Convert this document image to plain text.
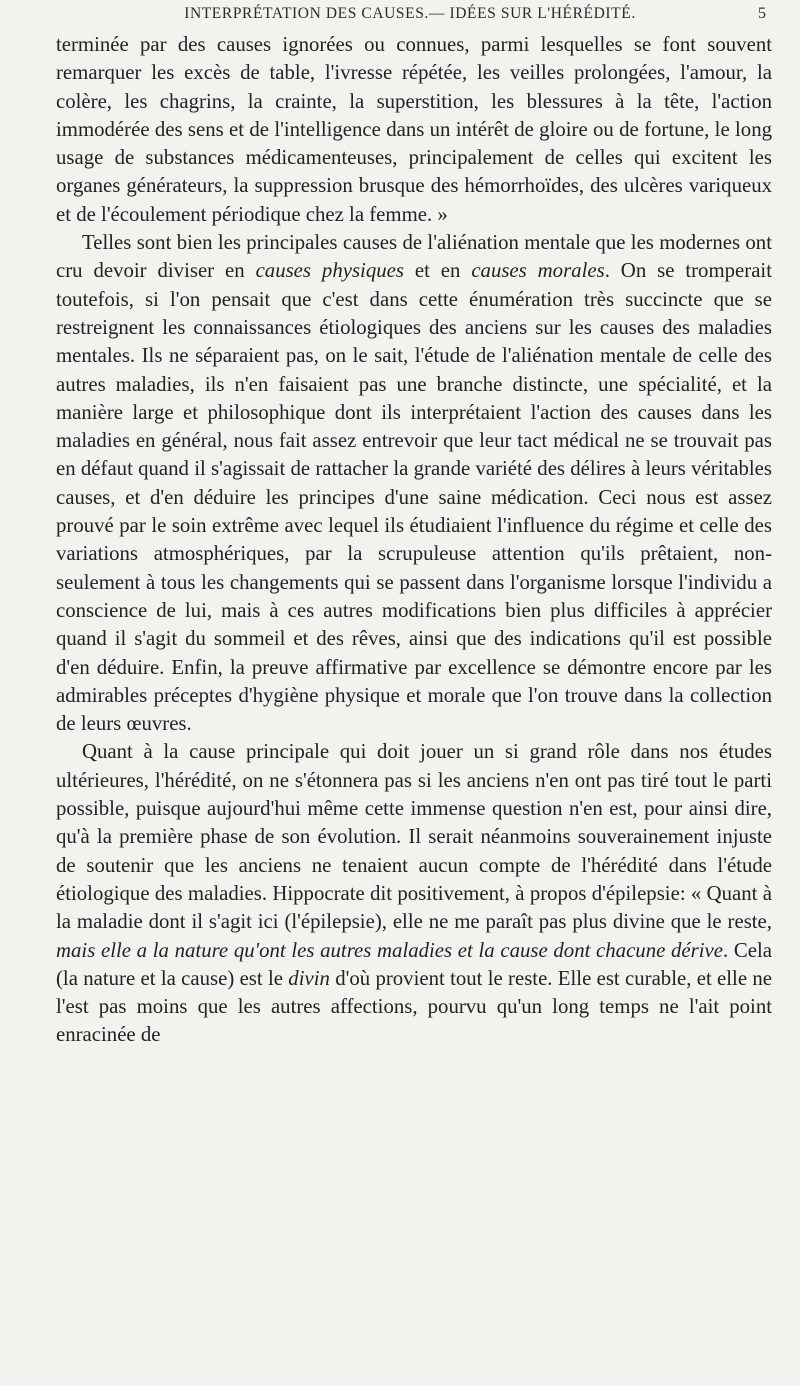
INTERPRÉTATION DES CAUSES.— IDÉES SUR L'HÉRÉDITÉ.	5

terminée par des causes ignorées ou connues, parmi lesquelles se font souvent remarquer les excès de table, l'ivresse répétée, les veilles prolongées, l'amour, la colère, les chagrins, la crainte, la superstition, les blessures à la tête, l'action immodérée des sens et de l'intelligence dans un intérêt de gloire ou de fortune, le long usage de substances médicamenteuses, principalement de celles qui excitent les organes générateurs, la suppression brusque des hémorrhoïdes, des ulcères variqueux et de l'écoulement périodique chez la femme. »

Telles sont bien les principales causes de l'aliénation mentale que les modernes ont cru devoir diviser en causes physiques et en causes morales. On se tromperait toutefois, si l'on pensait que c'est dans cette énumération très succincte que se restreignent les connaissances étiologiques des anciens sur les causes des maladies mentales. Ils ne séparaient pas, on le sait, l'étude de l'aliénation mentale de celle des autres maladies, ils n'en faisaient pas une branche distincte, une spécialité, et la manière large et philosophique dont ils interprétaient l'action des causes dans les maladies en général, nous fait assez entrevoir que leur tact médical ne se trouvait pas en défaut quand il s'agissait de rattacher la grande variété des délires à leurs véritables causes, et d'en déduire les principes d'une saine médication. Ceci nous est assez prouvé par le soin extrême avec lequel ils étudiaient l'influence du régime et celle des variations atmosphériques, par la scrupuleuse attention qu'ils prêtaient, non-seulement à tous les changements qui se passent dans l'organisme lorsque l'individu a conscience de lui, mais à ces autres modifications bien plus difficiles à apprécier quand il s'agit du sommeil et des rêves, ainsi que des indications qu'il est possible d'en déduire. Enfin, la preuve affirmative par excellence se démontre encore par les admirables préceptes d'hygiène physique et morale que l'on trouve dans la collection de leurs œuvres.

Quant à la cause principale qui doit jouer un si grand rôle dans nos études ultérieures, l'hérédité, on ne s'étonnera pas si les anciens n'en ont pas tiré tout le parti possible, puisque aujourd'hui même cette immense question n'en est, pour ainsi dire, qu'à la première phase de son évolution. Il serait néanmoins souverainement injuste de soutenir que les anciens ne tenaient aucun compte de l'hérédité dans l'étude étiologique des maladies. Hippocrate dit positivement, à propos d'épilepsie: « Quant à la maladie dont il s'agit ici (l'épilepsie), elle ne me paraît pas plus divine que le reste, mais elle a la nature qu'ont les autres maladies et la cause dont chacune dérive. Cela (la nature et la cause) est le divin d'où provient tout le reste. Elle est curable, et elle ne l'est pas moins que les autres affections, pourvu qu'un long temps ne l'ait point enracinée de
